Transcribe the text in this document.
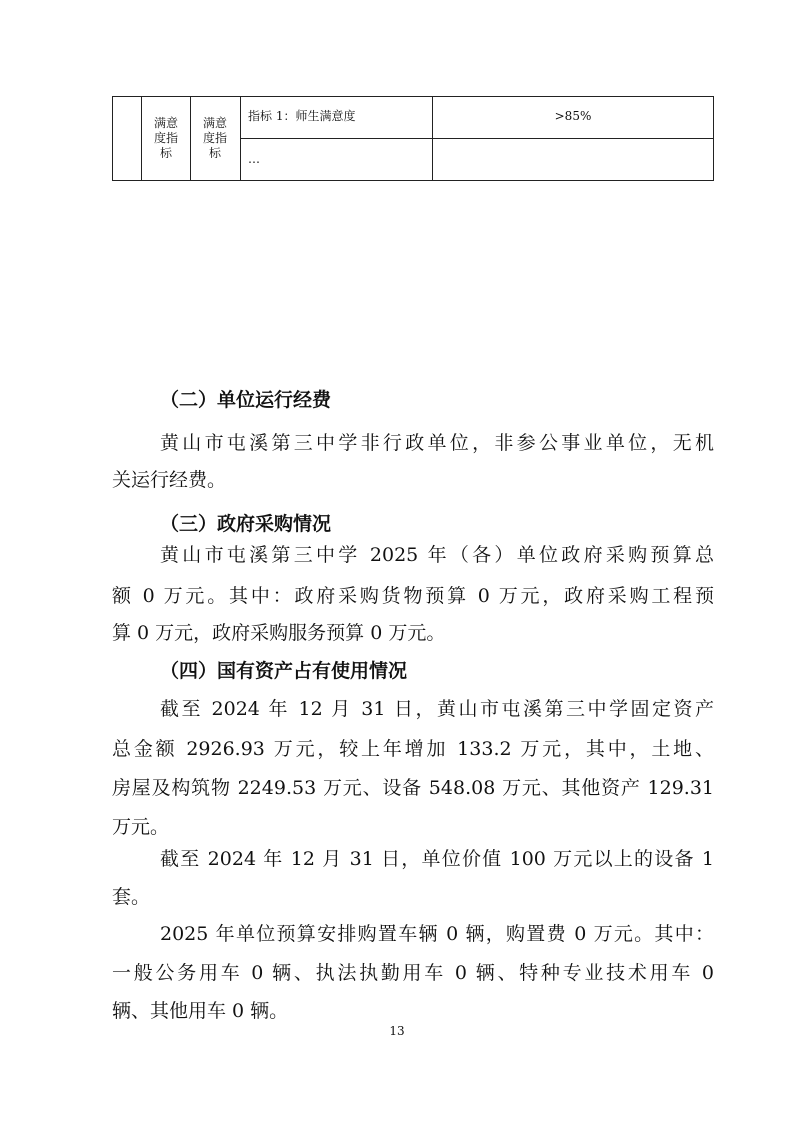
满意
度指
标
满意
度指
标
指标 1：师生满意度	>85%
…
（二）单位运行经费
黄山市屯溪第三中学非行政单位，非参公事业单位，无机
关运行经费。
（三）政府采购情况
黄山市屯溪第三中学 2025 年（各）单位政府采购预算总
额 0 万元。其中：政府采购货物预算 0 万元，政府采购工程预
算 0 万元，政府采购服务预算 0 万元。
（四）国有资产占有使用情况
截至 2024 年 12 月 31 日，黄山市屯溪第三中学固定资产
总金额 2926.93 万元，较上年增加 133.2 万元，其中，土地、
房屋及构筑物 2249.53 万元、设备 548.08 万元、其他资产 129.31
万元。
截至 2024 年 12 月 31 日，单位价值 100 万元以上的设备 1
套。
2025 年单位预算安排购置车辆 0 辆，购置费 0 万元。其中：
一般公务用车 0 辆、执法执勤用车 0 辆、特种专业技术用车 0
辆、其他用车 0 辆。
13
